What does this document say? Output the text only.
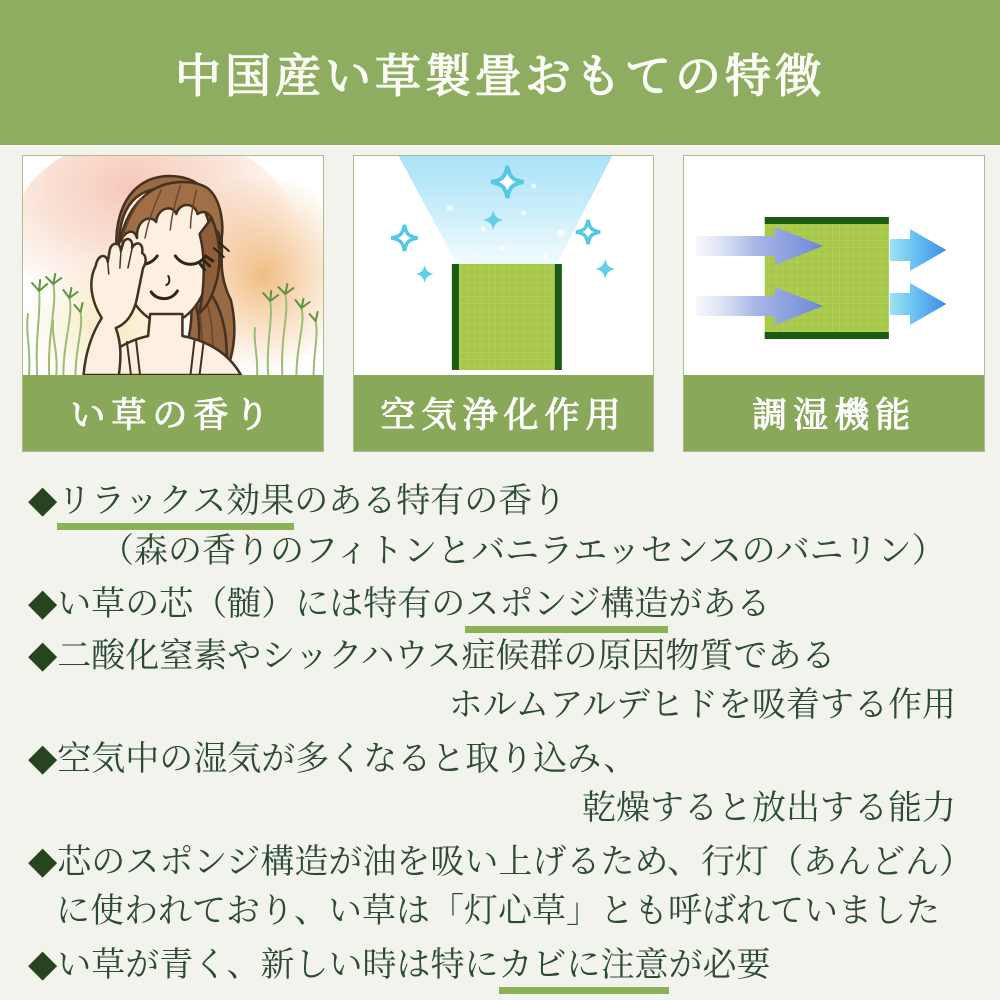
中国産い草製畳おもての特徴
い草の香り	空気浄化作用	調湿機能
◆リラックス効果のある特有の香り
（森の香りのフィトンとバニラエッセンスのバニリン）
◆い草の芯（髄）には特有のスポンジ構造がある
◆二酸化窒素やシックハウス症候群の原因物質である
ホルムアルデヒドを吸着する作用
◆空気中の湿気が多くなると取り込み、
乾燥すると放出する能力
◆芯のスポンジ構造が油を吸い上げるため、行灯（あんどん）
に使われており、い草は「灯心草」とも呼ばれていました
◆い草が青く、新しい時は特にカビに注意が必要
